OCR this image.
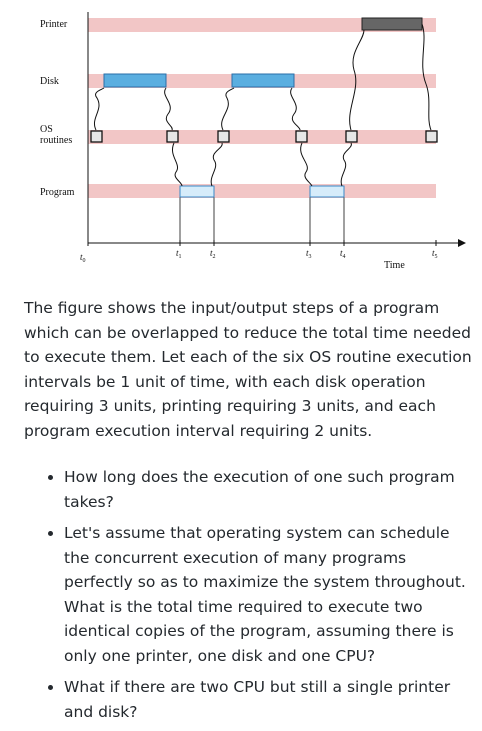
Printer
Disk
OS
routines
Program
$t_0$
$t_1$	$t_2$	$t_3$	$t_4$	$t_5$
Time

The figure shows the input/output steps of a program which can be overlapped to reduce the total time needed to execute them. Let each of the six OS routine execution intervals be 1 unit of time, with each disk operation requiring 3 units, printing requiring 3 units, and each program execution interval requiring 2 units.

• How long does the execution of one such program takes?
• Let's assume that operating system can schedule the concurrent execution of many programs perfectly so as to maximize the system throughout. What is the total time required to execute two identical copies of the program, assuming there is only one printer, one disk and one CPU?
• What if there are two CPU but still a single printer and disk?
